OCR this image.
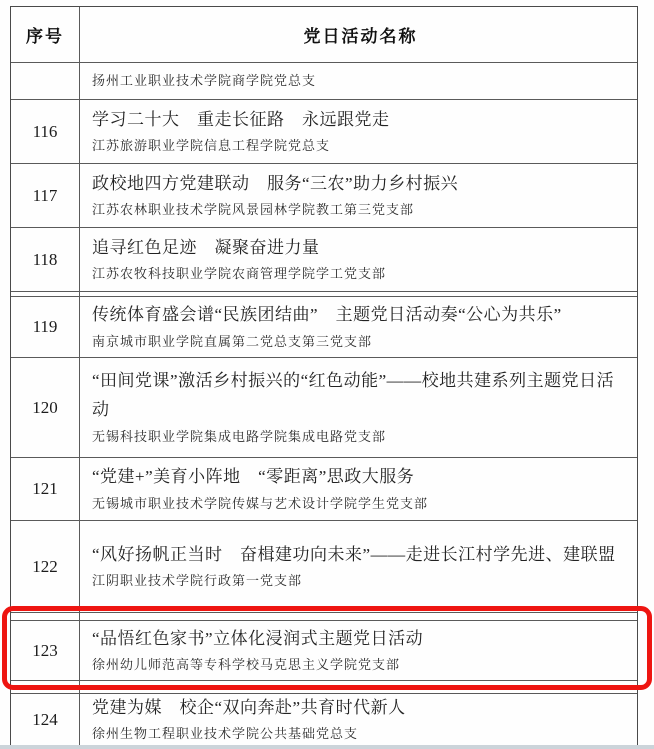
序号	党日活动名称
扬州工业职业技术学院商学院党总支
116
学习二十大　重走长征路　永远跟党走
江苏旅游职业学院信息工程学院党总支
117
政校地四方党建联动　服务“三农”助力乡村振兴
江苏农林职业技术学院风景园林学院教工第三党支部
118
追寻红色足迹　凝聚奋进力量
江苏农牧科技职业学院农商管理学院学工党支部
119
传统体育盛会谱“民族团结曲”　主题党日活动奏“公心为共乐”
南京城市职业学院直属第二党总支第三党支部
120
“田间党课”激活乡村振兴的“红色动能”——校地共建系列主题党日活动
无锡科技职业学院集成电路学院集成电路党支部
121
“党建+”美育小阵地　“零距离”思政大服务
无锡城市职业技术学院传媒与艺术设计学院学生党支部
122
“风好扬帆正当时　奋楫建功向未来”——走进长江村学先进、建联盟
江阴职业技术学院行政第一党支部
123
“品悟红色家书”立体化浸润式主题党日活动
徐州幼儿师范高等专科学校马克思主义学院党支部
124
党建为媒　校企“双向奔赴”共育时代新人
徐州生物工程职业技术学院公共基础党总支
